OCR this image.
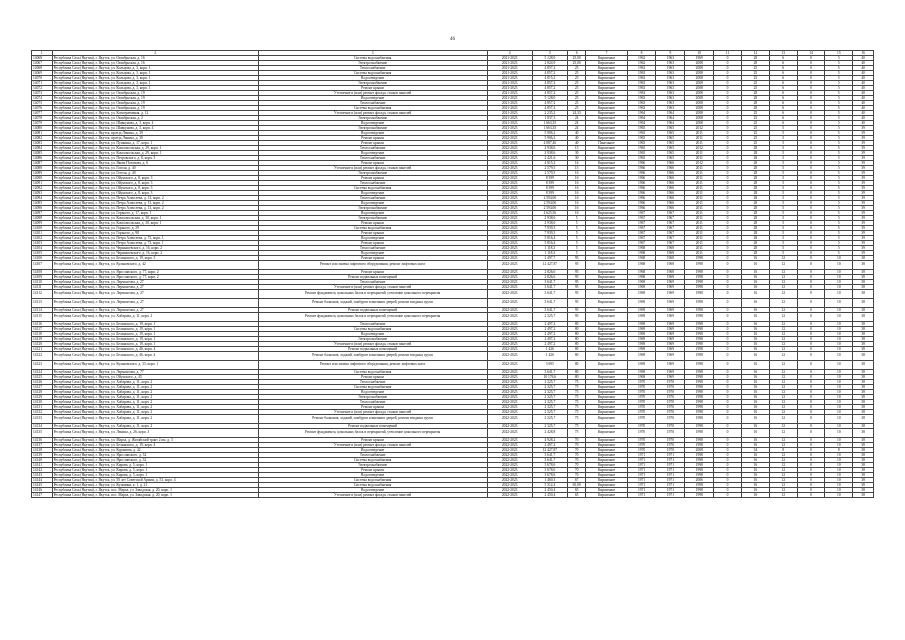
46
1	2	3	4	5	6	7	8	9	10	11	12	13	14	15	16
14068	Республика Саха (Якутия), г. Якутск, ул. Октябрьская, д. 16	Система водоснабжения	2021-2023	5 128,0	25,00	Кирпичное	1962	1963	1969	0	28	6	0	5	40
14067	Республика Саха (Якутия), г. Якутск, ул. Октябрьская, д. 16	Электроснабжение	2021-2023	2 824,9	25,00	Кирпичное	1962	1963	2008	0	28	6	0	5	40
14068	Республика Саха (Якутия), г. Якутск, ул. Кольцова, д. 3, корп. 1	Теплоснабжение	2021-2023	4 857,2	25	Кирпичное	1963	1963	2008	0	25	6	0	5	40
14069	Республика Саха (Якутия), г. Якутск, ул. Кольцова, д. 3, корп. 1	Система водоснабжения	2021-2023	4 857,2	25	Кирпичное	1963	1963	2008	0	25	6	0	5	40
14070	Республика Саха (Якутия), г. Якутск, ул. Кольцова, д. 3, корп. 1	Водоотведение	2021-2023	4 815,2	25	Кирпичное	1963	1963	2008	0	25	6	0	5	40
14071	Республика Саха (Якутия), г. Якутск, ул. Кольцова, д. 3, корп. 1	Электроснабжение	2021-2023	4 857,2	25	Кирпичное	1963	1963	2008	0	25	6	0	5	40
14072	Республика Саха (Якутия), г. Якутск, ул. Кольцова, д. 3, корп. 1	Ремонт крыши	2021-2023	4 857,2	25	Кирпичное	1963	1963	2008	0	25	6	0	5	40
14073	Республика Саха (Якутия), г. Якутск, ул. Октябрьская, д. 19	Утепление и (или) ремонт фасада, стыков панелей	2021-2023	4 857,2	25	Кирпичное	1963	1963	2008	0	28	6	0	5	40
14074	Республика Саха (Якутия), г. Якутск, ул. Октябрьская, д. 19	Водоотведение	2021-2023	5 128,0	25	Кирпичное	1963	1963	2008	0	28	6	0	5	40
14075	Республика Саха (Якутия), г. Якутск, ул. Октябрьская, д. 19	Теплоснабжение	2021-2023	4 857,2	25	Кирпичное	1963	1963	2008	0	28	6	0	5	40
14076	Республика Саха (Якутия), г. Якутск, ул. Октябрьская, д. 19	Система водоснабжения	2021-2023	4 857,2	25	Кирпичное	1963	1963	2008	0	28	6	0	5	40
14077	Республика Саха (Якутия), г. Якутск, ул. Кооперативная, д. 12	Утепление и (или) ремонт фасада, стыков панелей	2021-2023	2 235,2	24,33	Кирпичное	1964	1964	2008	0	25	6	0	5	40
14078	Республика Саха (Якутия), г. Якутск, ул. Октябрьская, д. 2	Электроснабжение	2021-2023	1 837,3	24	Кирпичное	1964	1964	2008	0	25	6	0	5	40
14079	Республика Саха (Якутия), г. Якутск, ул. Шавкунова, д. 3, корп. 4	Водоотведение	2021-2023	1 663,35	24	Кирпичное	1964	1964	2008	0	25	6	0	5	40
14080	Республика Саха (Якутия), г. Якутск, ул. Шавкунова, д. 3, корп. 4	Электроснабжение	2021-2023	1 663,35	24	Кирпичное	1965	1965	2012	0	25	5	0	5	39
14081	Республика Саха (Якутия), г. Якутск, проезд Ленина, д. 39	Водоотведение	2022-2023	5 906,2	40	Кирпичное	1965	1965	2011	0	25	5	0	5	39
14082	Республика Саха (Якутия), г. Якутск, проезд Ленина, д. 39	Ремонт крыши	2022-2023	5 906,2	40	Кирпичное	1965	1965	2011	0	25	5	0	5	39
14083	Республика Саха (Якутия), г. Якутск, ул. Пушкина, д. 17, корп. 1	Ремонт крыши	2022-2023	4 087,46	40	Панельное	1965	1965	2011	0	25	5	0	5	39
14084	Республика Саха (Якутия), г. Якутск, ул. Комсомольская, д. 29, корп. 1	Теплоснабжение	2022-2023	2 938,6	15	Кирпичное	1965	1965	2012	0	28	5	0	5	39
14085	Республика Саха (Якутия), г. Якутск, ул. Комсомольская, д. 29, корп. 1	Водоотведение	2022-2023	2 938,6	30	Кирпичное	1965	1965	2011	0	28	5	0	5	39
14086	Республика Саха (Якутия), г. Якутск, ул. Петровского, д. 8, корп. 3	Теплоснабжение	2022-2023	2 421,6	30	Кирпичное	1965	1965	2011	0	28	5	0	5	39
14087	Республика Саха (Якутия), г. Якутск, ул. Якова Потапова, д. 6	Ремонт крыши	2022-2023	4 815,2	16	Кирпичное	1966	1966	2012	0	28	5	0	5	39
14088	Республика Саха (Якутия), г. Якутск, ул. Гоголя, д. 40	Утепление и (или) ремонт фасада, стыков панелей	2022-2023	2 579,5	15	Кирпичное	1966	1966	2011	0	28	5	0	5	39
14089	Республика Саха (Якутия), г. Якутск, ул. Гоголя, д. 40	Электроснабжение	2022-2023	2 579,5	16	Кирпичное	1966	1966	2011	0	28	5	0	5	39
14090	Республика Саха (Якутия), г. Якутск, ул. Ойунского, д. 8, корп. 3	Ремонт крыши	2022-2023	8 399	16	Кирпичное	1966	1966	2011	0	28	5	0	5	39
14091	Республика Саха (Якутия), г. Якутск, ул. Ойунского, д. 8, корп. 3	Теплоснабжение	2022-2023	8 399	16	Кирпичное	1966	1966	2011	0	28	5	0	5	39
14092	Республика Саха (Якутия), г. Якутск, ул. Ойунского, д. 8, корп. 3	Система водоснабжения	2022-2023	8 399	16	Кирпичное	1966	1966	2011	0	28	5	0	5	39
14093	Республика Саха (Якутия), г. Якутск, ул. Ойунского, д. 8, корп. 3	Водоотведение	2022-2023	8 399	16	Кирпичное	1966	1966	2011	0	28	5	0	5	39
14094	Республика Саха (Якутия), г. Якутск, ул. Петра Алексеева, д. 13, корп. 2	Теплоснабжение	2022-2023	2 594,06	16	Кирпичное	1966	1966	2011	0	28	5	0	5	39
14095	Республика Саха (Якутия), г. Якутск, ул. Петра Алексеева, д. 13, корп. 2	Водоотведение	2022-2023	2 594,06	16	Кирпичное	1966	1966	2011	0	28	5	0	5	39
14096	Республика Саха (Якутия), г. Якутск, ул. Петра Алексеева, д. 13, корп. 2	Электроснабжение	2022-2023	2 594,06	16	Кирпичное	1966	1966	2011	0	28	5	0	5	39
14097	Республика Саха (Якутия), г. Якутск, ул. Горького, д. 17, корп. 1	Водоотведение	2022-2023	4 625,56	16	Кирпичное	1967	1967	2011	0	28	5	0	5	39
14098	Республика Саха (Якутия), г. Якутск, ул. Комсомольская, д. 30, корп. 1	Электроснабжение	2022-2023	2 938,6	5	Кирпичное	1967	1967	2011	0	28	5	0	5	39
14099	Республика Саха (Якутия), г. Якутск, ул. Комсомольская, д. 30, корп. 1	Ремонт крыши	2022-2023	2 938,6	5	Кирпичное	1967	1967	2011	0	28	5	0	5	39
14100	Республика Саха (Якутия), г. Якутск, ул. Горького, д. 29	Система водоснабжения	2022-2023	7 939,3	5	Кирпичное	1967	1967	2011	0	28	5	0	5	39
14101	Республика Саха (Якутия), г. Якутск, ул. Горького, д. 98	Ремонт крыши	2022-2023	7 939,3	5	Кирпичное	1967	1967	2011	0	28	5	0	5	39
14102	Республика Саха (Якутия), г. Якутск, ул. Петра Алексеева, д. 73, корп. 1	Водоотведение	2022-2023	5 816,4	5	Кирпичное	1967	1967	2011	0	28	5	0	5	39
14103	Республика Саха (Якутия), г. Якутск, ул. Петра Алексеева, д. 73, корп. 1	Ремонт крыши	2022-2023	5 816,4	5	Кирпичное	1967	1967	2011	0	28	5	0	5	39
14104	Республика Саха (Якутия), г. Якутск, ул. Чернышевского, д. 16, корп. 2	Теплоснабжение	2022-2023	1 118,3	5	Кирпичное	1968	1968	2011	0	28	5	0	5	39
14105	Республика Саха (Якутия), г. Якутск, ул. Чернышевского, д. 16, корп. 2	Водоотведение	2022-2023	1 118,3	5	Кирпичное	1968	1968	2011	0	28	5	0	5	39
14106	Республика Саха (Якутия), г. Якутск, ул. Белинского, д. 19, корп. 3	Ремонт крыши	2022-2023	2 497,7	95	Кирпичное	1968	1968	1998	0	16	12	0	10	38
14107	Республика Саха (Якутия), г. Якутск, ул. Кулаковского, д. 42	Ремонт или замена лифтового оборудования, ремонт лифтовых шахт	2022-2023	12 427,87	95	Кирпичное	1968	1968	1998	0	16	12	0	10	38
14108	Республика Саха (Якутия), г. Якутск, ул. Ярославского, д. 77, корп. 2	Ремонт крыши	2022-2023	2 826,6	95	Кирпичное	1968	1968	1998	0	16	12	0	10	38
14109	Республика Саха (Якутия), г. Якутск, ул. Ярославского, д. 77, корп. 2	Ремонт подвальных помещений	2022-2023	2 826,6	95	Кирпичное	1968	1968	1998	0	16	12	0	10	38
14110	Республика Саха (Якутия), г. Якутск, ул. Лермонтова, д. 27	Теплоснабжение	2022-2023	3 641,7	95	Кирпичное	1969	1969	1998	0	16	12	0	10	38
14111	Республика Саха (Якутия), г. Якутск, ул. Лермонтова, д. 27	Утепление и (или) ремонт фасада, стыков панелей	2022-2023	3 641,7	95	Кирпичное	1969	1969	1998	0	16	12	0	10	38
14112	Республика Саха (Якутия), г. Якутск, ул. Лермонтова, д. 27	Ремонт фундамента, цокольных балок и перекрытий, утепление цокольного перекрытия	2022-2023	3 641,7	95	Кирпичное	1969	1969	1998	0	16	12	0	10	38
14113	Республика Саха (Якутия), г. Якутск, ул. Лермонтова, д. 27	Ремонт балконов, лоджий, тамбуров и внешних дверей, ремонт входных групп	2022-2023	3 641,7	95	Кирпичное	1969	1969	1998	0	16	12	0	10	38
14114	Республика Саха (Якутия), г. Якутск, ул. Лермонтова, д. 27	Ремонт подвальных помещений	2022-2023	3 641,7	95	Кирпичное	1969	1969	1998	0	16	12	0	10	38
14115	Республика Саха (Якутия), г. Якутск, ул. Хабарова, д. 11, корп. 2	Ремонт фундамента, цокольных балок и перекрытий, утепление цокольного перекрытия	2022-2023	2 325,7	95	Кирпичное	1969	1969	1998	0	16	12	0	10	38
14116	Республика Саха (Якутия), г. Якутск, ул. Белинского, д. 19, корп. 1	Теплоснабжение	2022-2023	2 497,2	80	Кирпичное	1969	1969	1998	0	16	12	0	10	38
14117	Республика Саха (Якутия), г. Якутск, ул. Белинского, д. 19, корп. 1	Система водоснабжения	2022-2023	2 497,2	80	Кирпичное	1969	1969	1998	0	16	12	0	10	38
14118	Республика Саха (Якутия), г. Якутск, ул. Белинского, д. 19, корп. 1	Водоотведение	2022-2023	2 497,2	80	Кирпичное	1969	1969	1998	0	16	12	0	10	38
14119	Республика Саха (Якутия), г. Якутск, ул. Белинского, д. 19, корп. 1	Электроснабжение	2022-2023	2 497,2	80	Кирпичное	1969	1969	1998	0	16	12	0	10	38
14120	Республика Саха (Якутия), г. Якутск, ул. Белинского, д. 19, корп. 1	Утепление и (или) ремонт фасада, стыков панелей	2022-2023	2 497,2	80	Кирпичное	1969	1969	1998	0	16	12	0	10	38
14121	Республика Саха (Якутия), г. Якутск, ул. Белинского, д. 46, корп. 4	Ремонт подвальных помещений	2022-2023	1 426	80	Кирпичное	1969	1969	1998	0	16	12	0	10	38
14122	Республика Саха (Якутия), г. Якутск, ул. Белинского, д. 46, корп. 4	Ремонт балконов, лоджий, тамбуров и внешних дверей, ремонт входных групп	2022-2023	1 426	80	Кирпичное	1969	1969	1998	0	16	12	0	10	38
14123	Республика Саха (Якутия), г. Якутск, ул. Кулаковского, д. 33, корп. 1	Ремонт или замена лифтового оборудования, ремонт лифтовых шахт	2022-2023	5 695	80	Кирпичное	1969	1969	1998	0	16	12	0	10	38
14124	Республика Саха (Якутия), г. Якутск, ул. Лермонтова, д. 77	Система водоснабжения	2022-2023	3 641,7	80	Кирпичное	1969	1969	1998	0	16	12	0	10	38
14125	Республика Саха (Якутия), г. Якутск, ул. Ойунского, д. 45	Ремонт крыши	2022-2023	10 176,6	80	Кирпичное	1969	1969	1998	0	16	12	0	10	38
14126	Республика Саха (Якутия), г. Якутск, ул. Хабарова, д. 11, корп. 2	Теплоснабжение	2022-2023	2 325,7	75	Кирпичное	1970	1970	1998	0	16	12	0	10	38
14127	Республика Саха (Якутия), г. Якутск, ул. Хабарова, д. 11, корп. 2	Система водоснабжения	2022-2023	2 325,7	75	Кирпичное	1970	1970	1998	0	16	12	0	10	38
14128	Республика Саха (Якутия), г. Якутск, ул. Хабарова, д. 11, корп. 2	Водоотведение	2022-2023	2 325,7	75	Кирпичное	1970	1970	1998	0	16	12	0	10	38
14129	Республика Саха (Якутия), г. Якутск, ул. Хабарова, д. 11, корп. 2	Электроснабжение	2022-2023	2 325,7	75	Кирпичное	1970	1970	1998	0	16	12	0	10	38
14130	Республика Саха (Якутия), г. Якутск, ул. Хабарова, д. 11, корп. 2	Теплоснабжение	2022-2023	2 325,7	75	Кирпичное	1970	1970	1998	0	16	12	0	10	38
14131	Республика Саха (Якутия), г. Якутск, ул. Хабарова, д. 11, корп. 2	Ремонт крыши	2022-2023	2 325,7	75	Кирпичное	1970	1970	1998	0	16	12	0	10	38
14132	Республика Саха (Якутия), г. Якутск, ул. Хабарова, д. 11, корп. 2	Утепление и (или) ремонт фасада, стыков панелей	2022-2023	2 325,7	75	Кирпичное	1970	1970	1998	0	16	12	0	10	38
14133	Республика Саха (Якутия), г. Якутск, ул. Хабарова, д. 11, корп. 2	Ремонт балконов, лоджий, тамбуров и внешних дверей, ремонт входных групп	2022-2023	2 325,7	75	Кирпичное	1970	1970	1998	0	16	12	0	10	38
14134	Республика Саха (Якутия), г. Якутск, ул. Хабарова, д. 11, корп. 2	Ремонт подвальных помещений	2022-2023	2 325,7	75	Кирпичное	1970	1970	1998	0	16	12	0	10	38
14135	Республика Саха (Якутия), г. Якутск, ул. Ленина, д. 26, корп. 3	Ремонт фундамента, цокольных балок и перекрытий, утепление цокольного перекрытия	2022-2023	2 428,8	75	Кирпичное	1970	1970	1998	0	16	12	0	10	38
14136	Республика Саха (Якутия), г. Якутск, ул. Марха, д. Жатайский тракт 2 км, д. 3	Ремонт крыши	2022-2023	4 928,2	70	Кирпичное	1970	1970	1998	0	16	12	0	10	38
14137	Республика Саха (Якутия), г. Якутск, ул. Белинского, д. 19, корп. 4	Утепление и (или) ремонт фасада, стыков панелей	2022-2023	2 497,2	70	Кирпичное	1970	1970	1998	0	16	12	0	10	38
14138	Республика Саха (Якутия), г. Якутск, ул. Курашова, д. 42	Водоотведение	2022-2023	12 427,87	70	Кирпичное	1970	1970	2008	0	34	8	0	8	38
14139	Республика Саха (Якутия), г. Якутск, ул. Ярославского, д. 32	Теплоснабжение	2022-2023	3 641,7	70	Кирпичное	1971	1971	1998	0	16	12	0	10	38
14140	Республика Саха (Якутия), г. Якутск, ул. Ярославского, д. 32	Система водоснабжения	2022-2023	3 641,7	70	Кирпичное	1971	1971	1998	0	16	12	0	10	38
14141	Республика Саха (Якутия), г. Якутск, ул. Кирова, д. 5, корп. 1	Электроснабжение	2022-2023	3 678,6	70	Кирпичное	1971	1971	1998	0	16	12	0	10	38
14142	Республика Саха (Якутия), г. Якутск, ул. Кирова, д. 5, корп. 1	Ремонт крыши	2022-2023	3 678,6	70	Кирпичное	1971	1971	1998	0	16	12	0	10	38
14143	Республика Саха (Якутия), г. Якутск, ул. Кирова, д. 5, корп. 1	Водоотведение	2022-2023	3 678,6	70	Кирпичное	1971	1971	1998	0	16	12	0	10	38
14144	Республика Саха (Якутия), г. Якутск, ул. 50 лет Советской Армии, д. 53, корп. 4	Система водоснабжения	2022-2023	1 460,3	67	Кирпичное	1971	1971	2006	0	16	12	0	10	38
14145	Республика Саха (Якутия), г. Якутск, ул. Кузьмина, к. 1, д. 21	Система водоснабжения	2022-2023	5 312,4	65,00	Кирпичное	1971	1971	1998	0	16	12	0	10	38
14146	Республика Саха (Якутия), г. Якутск, пос. Марха, ул. Заводская, д. 20, корп. 1	Водоотведение	2022-2023	2 450,4	65	Кирпичное	1971	1971	1998	0	16	12	0	10	38
14147	Республика Саха (Якутия), г. Якутск, пос. Марха, ул. Заводская, д. 20, корп. 1	Утепление и (или) ремонт фасада, стыков панелей	2022-2023	2 450,4	65	Кирпичное	1971	1971	1998	0	16	12	0	10	38
